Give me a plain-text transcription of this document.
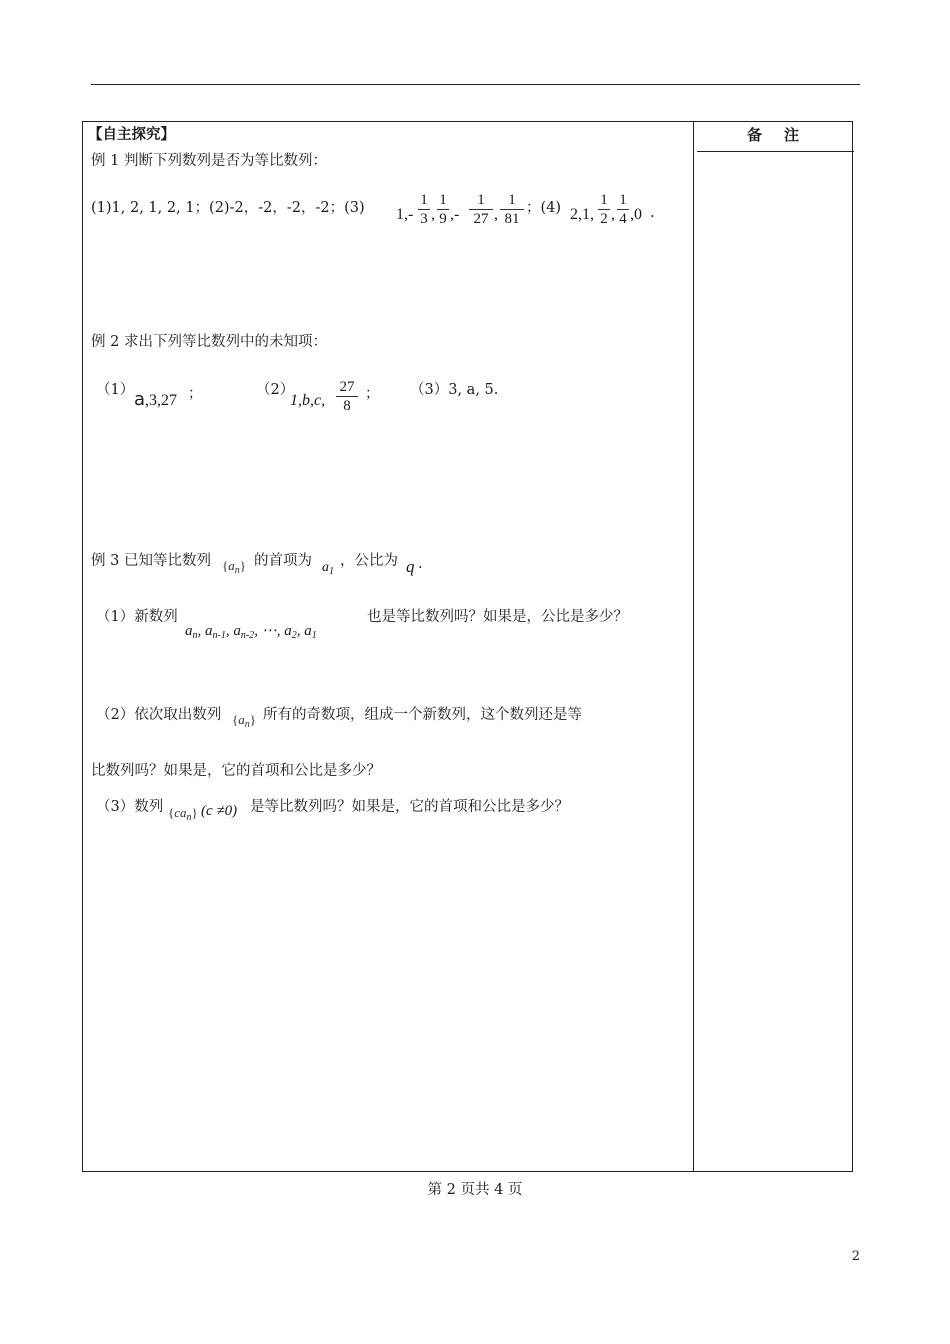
备注
【自主探究】
例 1 判断下列数列是否为等比数列：
(1)1, 2, 1, 2, 1；(2)-2，-2，-2，-2；(3) $1,- \frac{1}{3}$ , $\frac{1}{9}$ ,- $\frac{1}{27}$ , $\frac{1}{81}$ ；(4) 2,1, $\frac{1}{2}$ , $\frac{1}{4} ,0$ .
例 2 求出下列等比数列中的未知项：
（1） a,3,27 ；	（2）
1,b,c, $\frac{27}{8}$ ； （3）3, a, 5.
例 3 已知等比数列 $\{a_n\}$ 的首项为 $a_1$
，公比为 q .
（1）新数列
$a_n$, $a_{n-1}$, $a_{n-2}$, ⋯, $a_2$, $a_1$
也是等比数列吗？如果是，公比是多少？
（2）依次取出数列 $\{a_n\}$ 所有的奇数项，组成一个新数列，这个数列还是等
比数列吗？如果是，它的首项和公比是多少？
（3）数列 $\{ca_n\}$ (c ≠0) 是等比数列吗？如果是，它的首项和公比是多少？
第 2 页共 4 页
2
